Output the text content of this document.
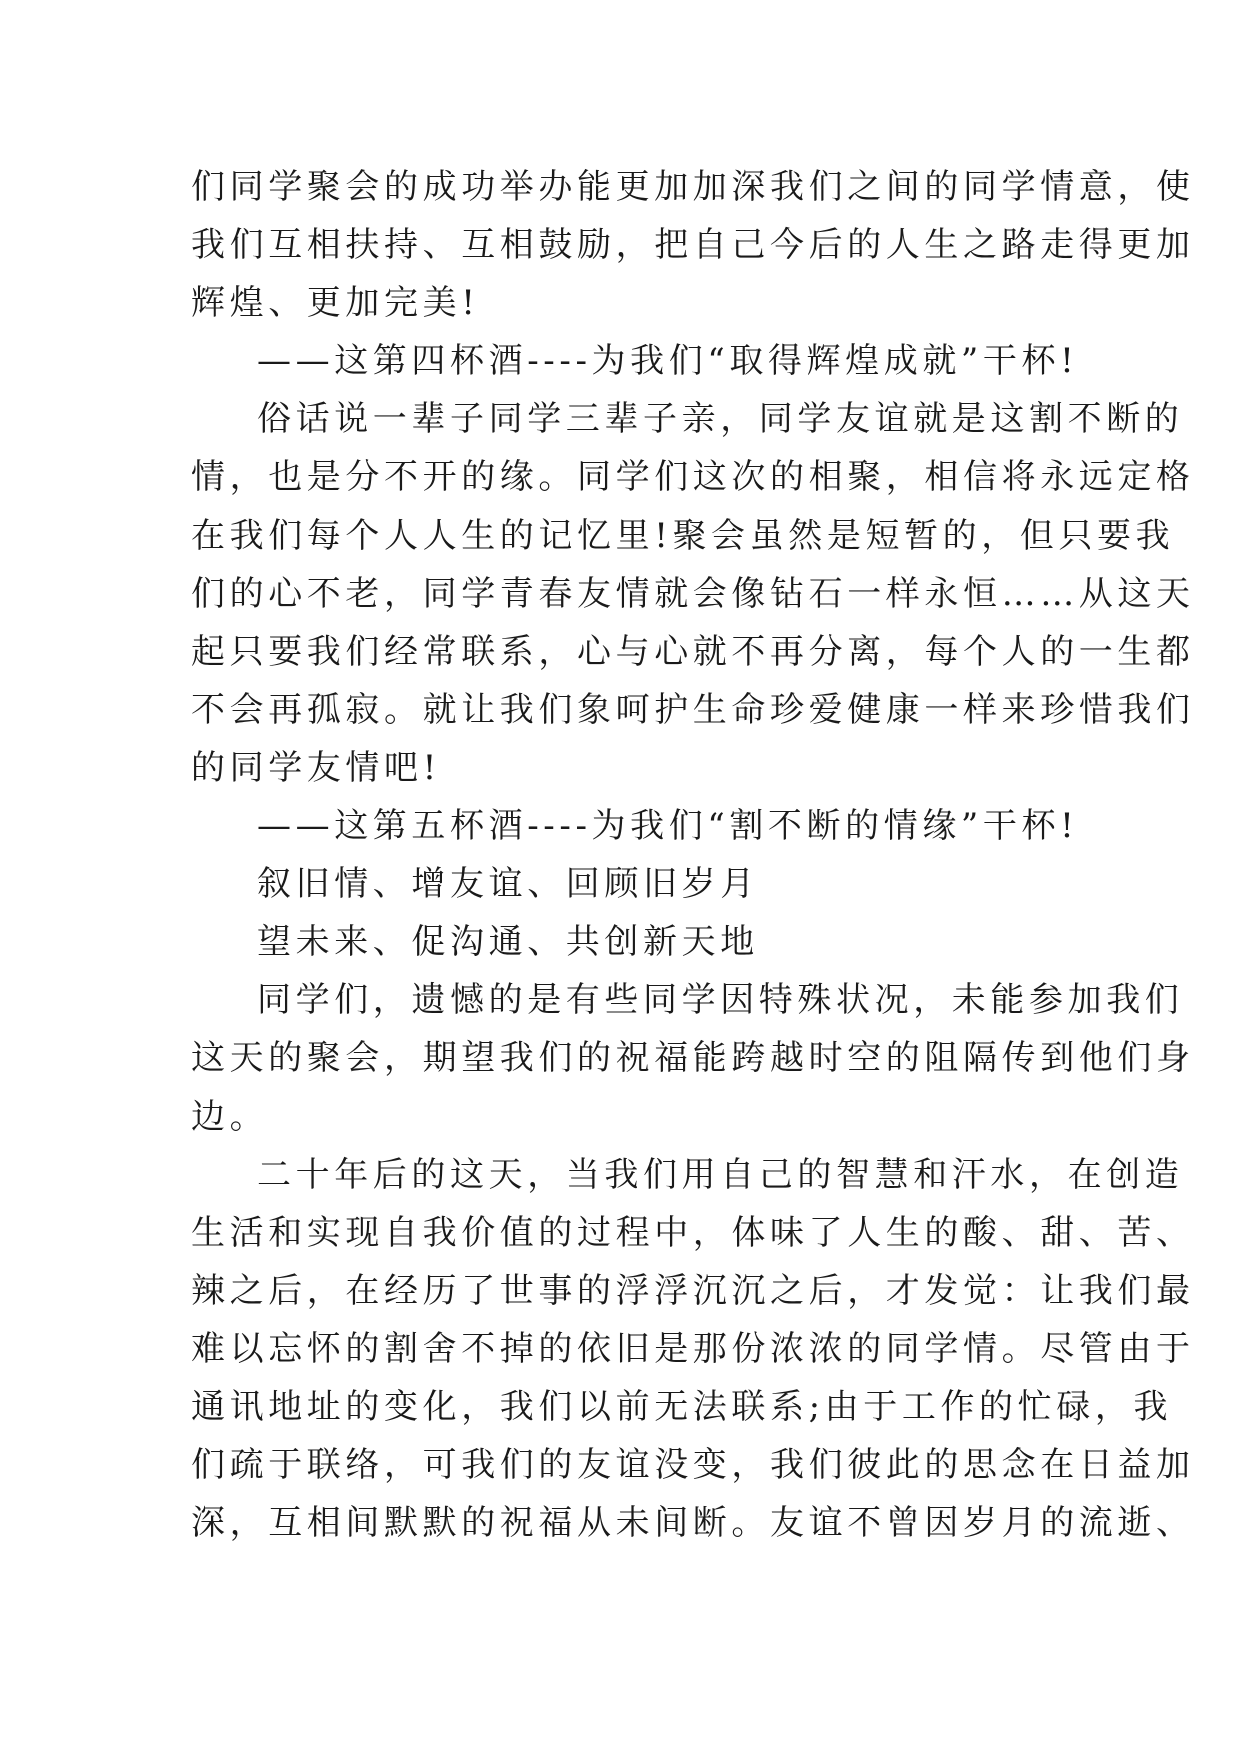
们同学聚会的成功举办能更加加深我们之间的同学情意，使
我们互相扶持、互相鼓励，把自己今后的人生之路走得更加
辉煌、更加完美!
——这第四杯酒----为我们“取得辉煌成就”干杯!
俗话说一辈子同学三辈子亲，同学友谊就是这割不断的
情，也是分不开的缘。同学们这次的相聚，相信将永远定格
在我们每个人人生的记忆里!聚会虽然是短暂的，但只要我
们的心不老，同学青春友情就会像钻石一样永恒……从这天
起只要我们经常联系，心与心就不再分离，每个人的一生都
不会再孤寂。就让我们象呵护生命珍爱健康一样来珍惜我们
的同学友情吧!
——这第五杯酒----为我们“割不断的情缘”干杯!
叙旧情、增友谊、回顾旧岁月
望未来、促沟通、共创新天地
同学们，遗憾的是有些同学因特殊状况，未能参加我们
这天的聚会，期望我们的祝福能跨越时空的阻隔传到他们身
边。
二十年后的这天，当我们用自己的智慧和汗水，在创造
生活和实现自我价值的过程中，体味了人生的酸、甜、苦、
辣之后，在经历了世事的浮浮沉沉之后，才发觉：让我们最
难以忘怀的割舍不掉的依旧是那份浓浓的同学情。尽管由于
通讯地址的变化，我们以前无法联系;由于工作的忙碌，我
们疏于联络，可我们的友谊没变，我们彼此的思念在日益加
深，互相间默默的祝福从未间断。友谊不曾因岁月的流逝、
